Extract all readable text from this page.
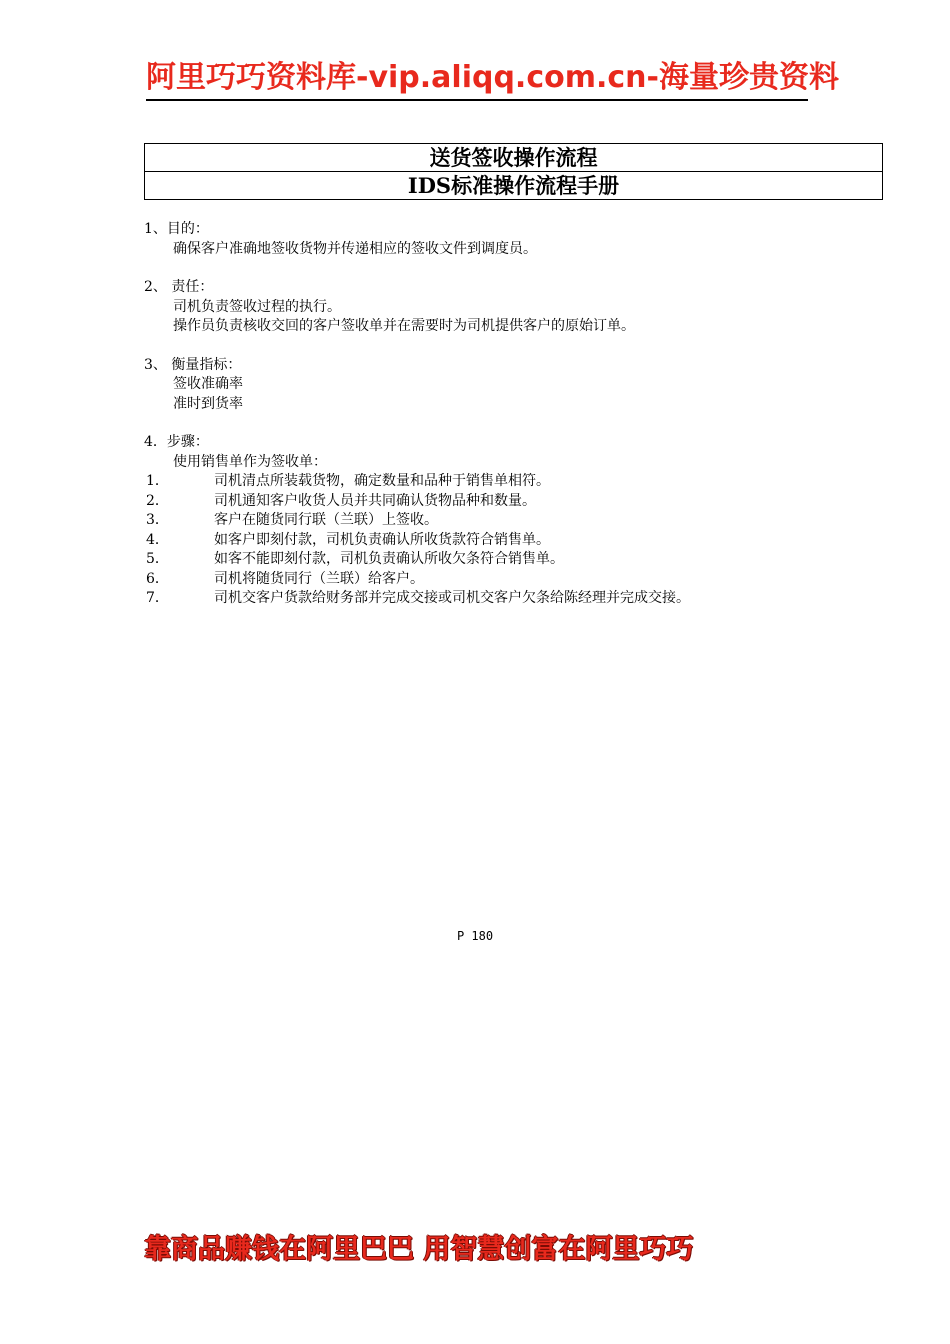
阿里巧巧资料库-vip.aliqq.com.cn-海量珍贵资料
送货签收操作流程
IDS标准操作流程手册
1、目的：
确保客户准确地签收货物并传递相应的签收文件到调度员。
2、 责任：
司机负责签收过程的执行。
操作员负责核收交回的客户签收单并在需要时为司机提供客户的原始订单。
3、 衡量指标：
签收准确率
准时到货率
4．步骤：
使用销售单作为签收单：
1．	司机清点所装载货物，确定数量和品种于销售单相符。
2．	司机通知客户收货人员并共同确认货物品种和数量。
3．	客户在随货同行联（兰联）上签收。
4．	如客户即刻付款，司机负责确认所收货款符合销售单。
5．	如客不能即刻付款，司机负责确认所收欠条符合销售单。
6．	司机将随货同行（兰联）给客户。
7．	司机交客户货款给财务部并完成交接或司机交客户欠条给陈经理并完成交接。
P 180
靠商品赚钱在阿里巴巴 用智慧创富在阿里巧巧
